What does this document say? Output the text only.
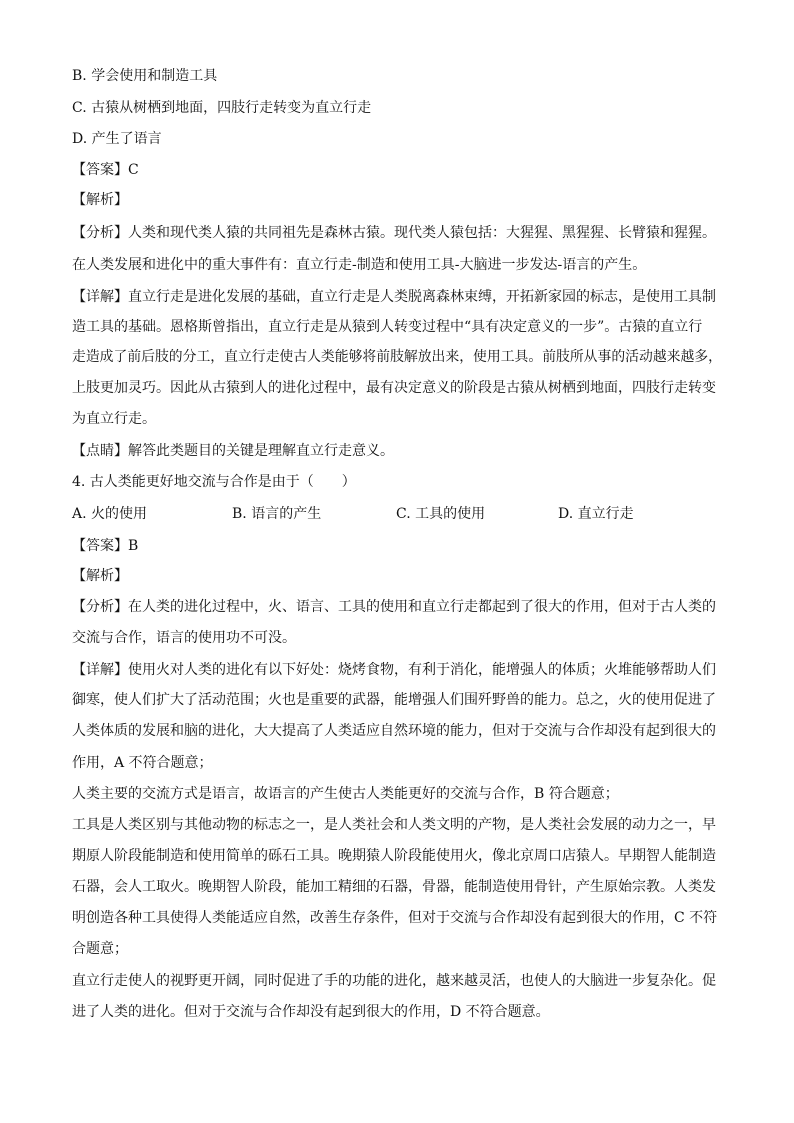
B. 学会使用和制造工具
C. 古猿从树栖到地面，四肢行走转变为直立行走
D. 产生了语言
【答案】C
【解析】
【分析】人类和现代类人猿的共同祖先是森林古猿。现代类人猿包括：大猩猩、黑猩猩、长臂猿和猩猩。
在人类发展和进化中的重大事件有：直立行走-制造和使用工具-大脑进一步发达-语言的产生。
【详解】直立行走是进化发展的基础，直立行走是人类脱离森林束缚，开拓新家园的标志，是使用工具制
造工具的基础。恩格斯曾指出，直立行走是从猿到人转变过程中“具有决定意义的一步”。古猿的直立行
走造成了前后肢的分工，直立行走使古人类能够将前肢解放出来，使用工具。前肢所从事的活动越来越多，
上肢更加灵巧。因此从古猿到人的进化过程中，最有决定意义的阶段是古猿从树栖到地面，四肢行走转变
为直立行走。
【点睛】解答此类题目的关键是理解直立行走意义。
4. 古人类能更好地交流与合作是由于（　　）
A. 火的使用	B. 语言的产生	C. 工具的使用	D. 直立行走
【答案】B
【解析】
【分析】在人类的进化过程中，火、语言、工具的使用和直立行走都起到了很大的作用，但对于古人类的
交流与合作，语言的使用功不可没。
【详解】使用火对人类的进化有以下好处：烧烤食物，有利于消化，能增强人的体质；火堆能够帮助人们
御寒，使人们扩大了活动范围；火也是重要的武器，能增强人们围歼野兽的能力。总之，火的使用促进了
人类体质的发展和脑的进化，大大提高了人类适应自然环境的能力，但对于交流与合作却没有起到很大的
作用，A 不符合题意；
人类主要的交流方式是语言，故语言的产生使古人类能更好的交流与合作，B 符合题意；
工具是人类区别与其他动物的标志之一，是人类社会和人类文明的产物，是人类社会发展的动力之一，早
期原人阶段能制造和使用简单的砾石工具。晚期猿人阶段能使用火，像北京周口店猿人。早期智人能制造
石器，会人工取火。晚期智人阶段，能加工精细的石器，骨器，能制造使用骨针，产生原始宗教。人类发
明创造各种工具使得人类能适应自然，改善生存条件，但对于交流与合作却没有起到很大的作用，C 不符
合题意；
直立行走使人的视野更开阔，同时促进了手的功能的进化，越来越灵活，也使人的大脑进一步复杂化。促
进了人类的进化。但对于交流与合作却没有起到很大的作用，D 不符合题意。
